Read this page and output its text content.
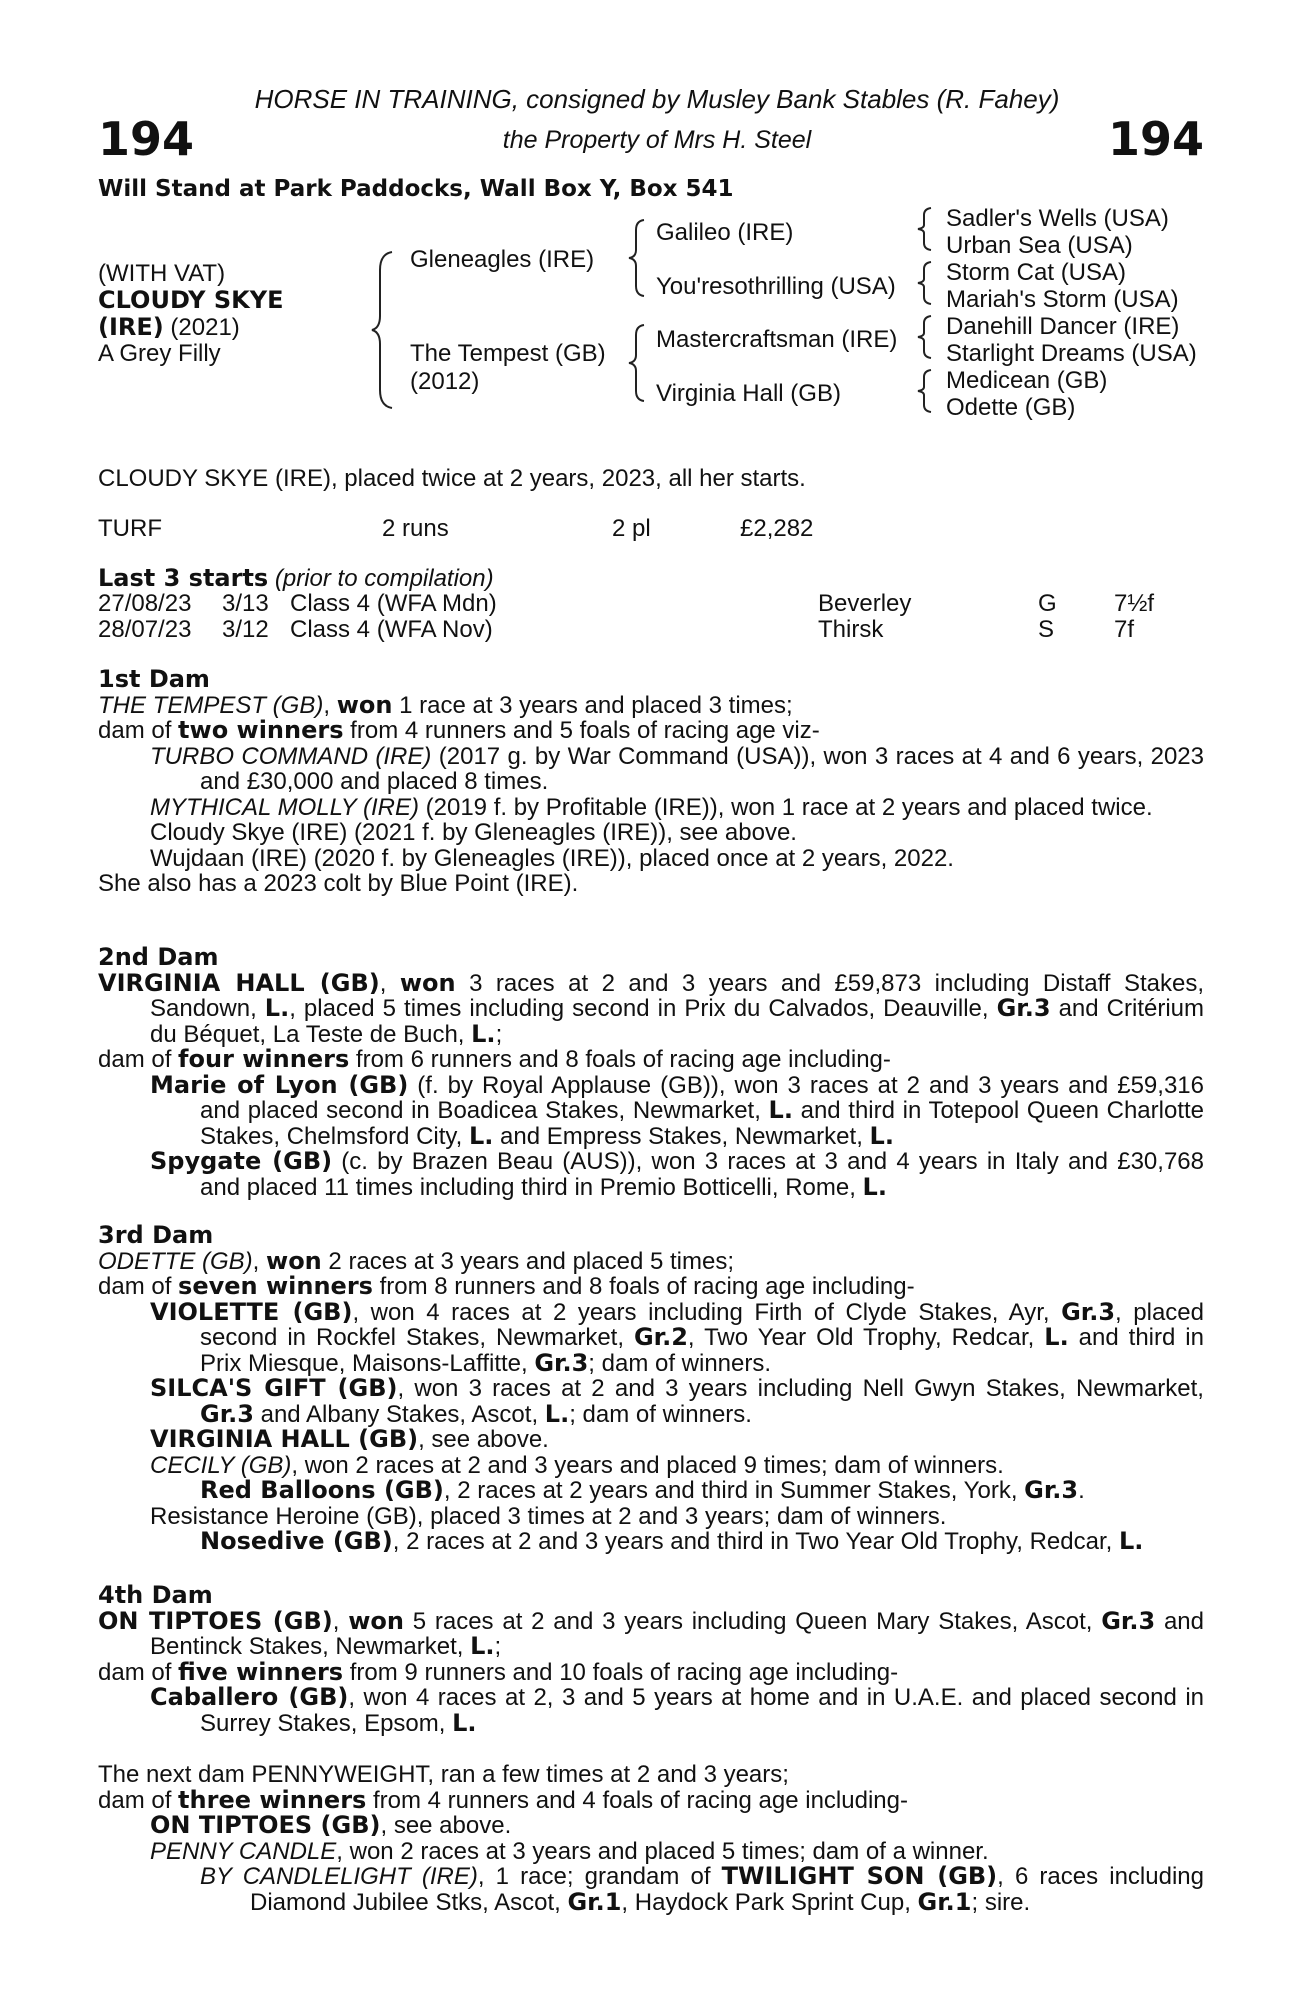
194	194
HORSE IN TRAINING, consigned by Musley Bank Stables (R. Fahey)
the Property of Mrs H. Steel
Will Stand at Park Paddocks, Wall Box Y, Box 541
(WITH VAT)
CLOUDY SKYE
(IRE) (2021)
A Grey Filly
Gleneagles (IRE)
The Tempest (GB)
(2012)
Galileo (IRE)
You'resothrilling (USA)
Mastercraftsman (IRE)
Virginia Hall (GB)
Sadler's Wells (USA)
Urban Sea (USA)
Storm Cat (USA)
Mariah's Storm (USA)
Danehill Dancer (IRE)
Starlight Dreams (USA)
Medicean (GB)
Odette (GB)
CLOUDY SKYE (IRE), placed twice at 2 years, 2023, all her starts.
TURF	2 runs	2 pl	£2,282
Last 3 starts (prior to compilation)
27/08/23 3/13 Class 4 (WFA Mdn)	Beverley	G 7½f
28/07/23 3/12 Class 4 (WFA Nov)	Thirsk	S 7f

1st Dam

THE TEMPEST (GB), won 1 race at 3 years and placed 3 times;

dam of two winners from 4 runners and 5 foals of racing age viz-

TURBO COMMAND (IRE) (2017 g. by War Command (USA)), won 3 races at 4 and 6 years, 2023 and £30,000 and placed 8 times.

MYTHICAL MOLLY (IRE) (2019 f. by Profitable (IRE)), won 1 race at 2 years and placed twice.

Cloudy Skye (IRE) (2021 f. by Gleneagles (IRE)), see above.

Wujdaan (IRE) (2020 f. by Gleneagles (IRE)), placed once at 2 years, 2022.

She also has a 2023 colt by Blue Point (IRE).

2nd Dam

VIRGINIA HALL (GB), won 3 races at 2 and 3 years and £59,873 including Distaff Stakes, Sandown, L., placed 5 times including second in Prix du Calvados, Deauville, Gr.3 and Critérium du Béquet, La Teste de Buch, L.;

dam of four winners from 6 runners and 8 foals of racing age including-

Marie of Lyon (GB) (f. by Royal Applause (GB)), won 3 races at 2 and 3 years and £59,316 and placed second in Boadicea Stakes, Newmarket, L. and third in Totepool Queen Charlotte Stakes, Chelmsford City, L. and Empress Stakes, Newmarket, L.

Spygate (GB) (c. by Brazen Beau (AUS)), won 3 races at 3 and 4 years in Italy and £30,768 and placed 11 times including third in Premio Botticelli, Rome, L.

3rd Dam

ODETTE (GB), won 2 races at 3 years and placed 5 times;

dam of seven winners from 8 runners and 8 foals of racing age including-

VIOLETTE (GB), won 4 races at 2 years including Firth of Clyde Stakes, Ayr, Gr.3, placed second in Rockfel Stakes, Newmarket, Gr.2, Two Year Old Trophy, Redcar, L. and third in Prix Miesque, Maisons-Laffitte, Gr.3; dam of winners.

SILCA'S GIFT (GB), won 3 races at 2 and 3 years including Nell Gwyn Stakes, Newmarket, Gr.3 and Albany Stakes, Ascot, L.; dam of winners.

VIRGINIA HALL (GB), see above.

CECILY (GB), won 2 races at 2 and 3 years and placed 9 times; dam of winners.

Red Balloons (GB), 2 races at 2 years and third in Summer Stakes, York, Gr.3.

Resistance Heroine (GB), placed 3 times at 2 and 3 years; dam of winners.

Nosedive (GB), 2 races at 2 and 3 years and third in Two Year Old Trophy, Redcar, L.

4th Dam

ON TIPTOES (GB), won 5 races at 2 and 3 years including Queen Mary Stakes, Ascot, Gr.3 and Bentinck Stakes, Newmarket, L.;

dam of five winners from 9 runners and 10 foals of racing age including-

Caballero (GB), won 4 races at 2, 3 and 5 years at home and in U.A.E. and placed second in Surrey Stakes, Epsom, L.

The next dam PENNYWEIGHT, ran a few times at 2 and 3 years;

dam of three winners from 4 runners and 4 foals of racing age including-

ON TIPTOES (GB), see above.

PENNY CANDLE, won 2 races at 3 years and placed 5 times; dam of a winner.

BY CANDLELIGHT (IRE), 1 race; grandam of TWILIGHT SON (GB), 6 races including Diamond Jubilee Stks, Ascot, Gr.1, Haydock Park Sprint Cup, Gr.1; sire.
